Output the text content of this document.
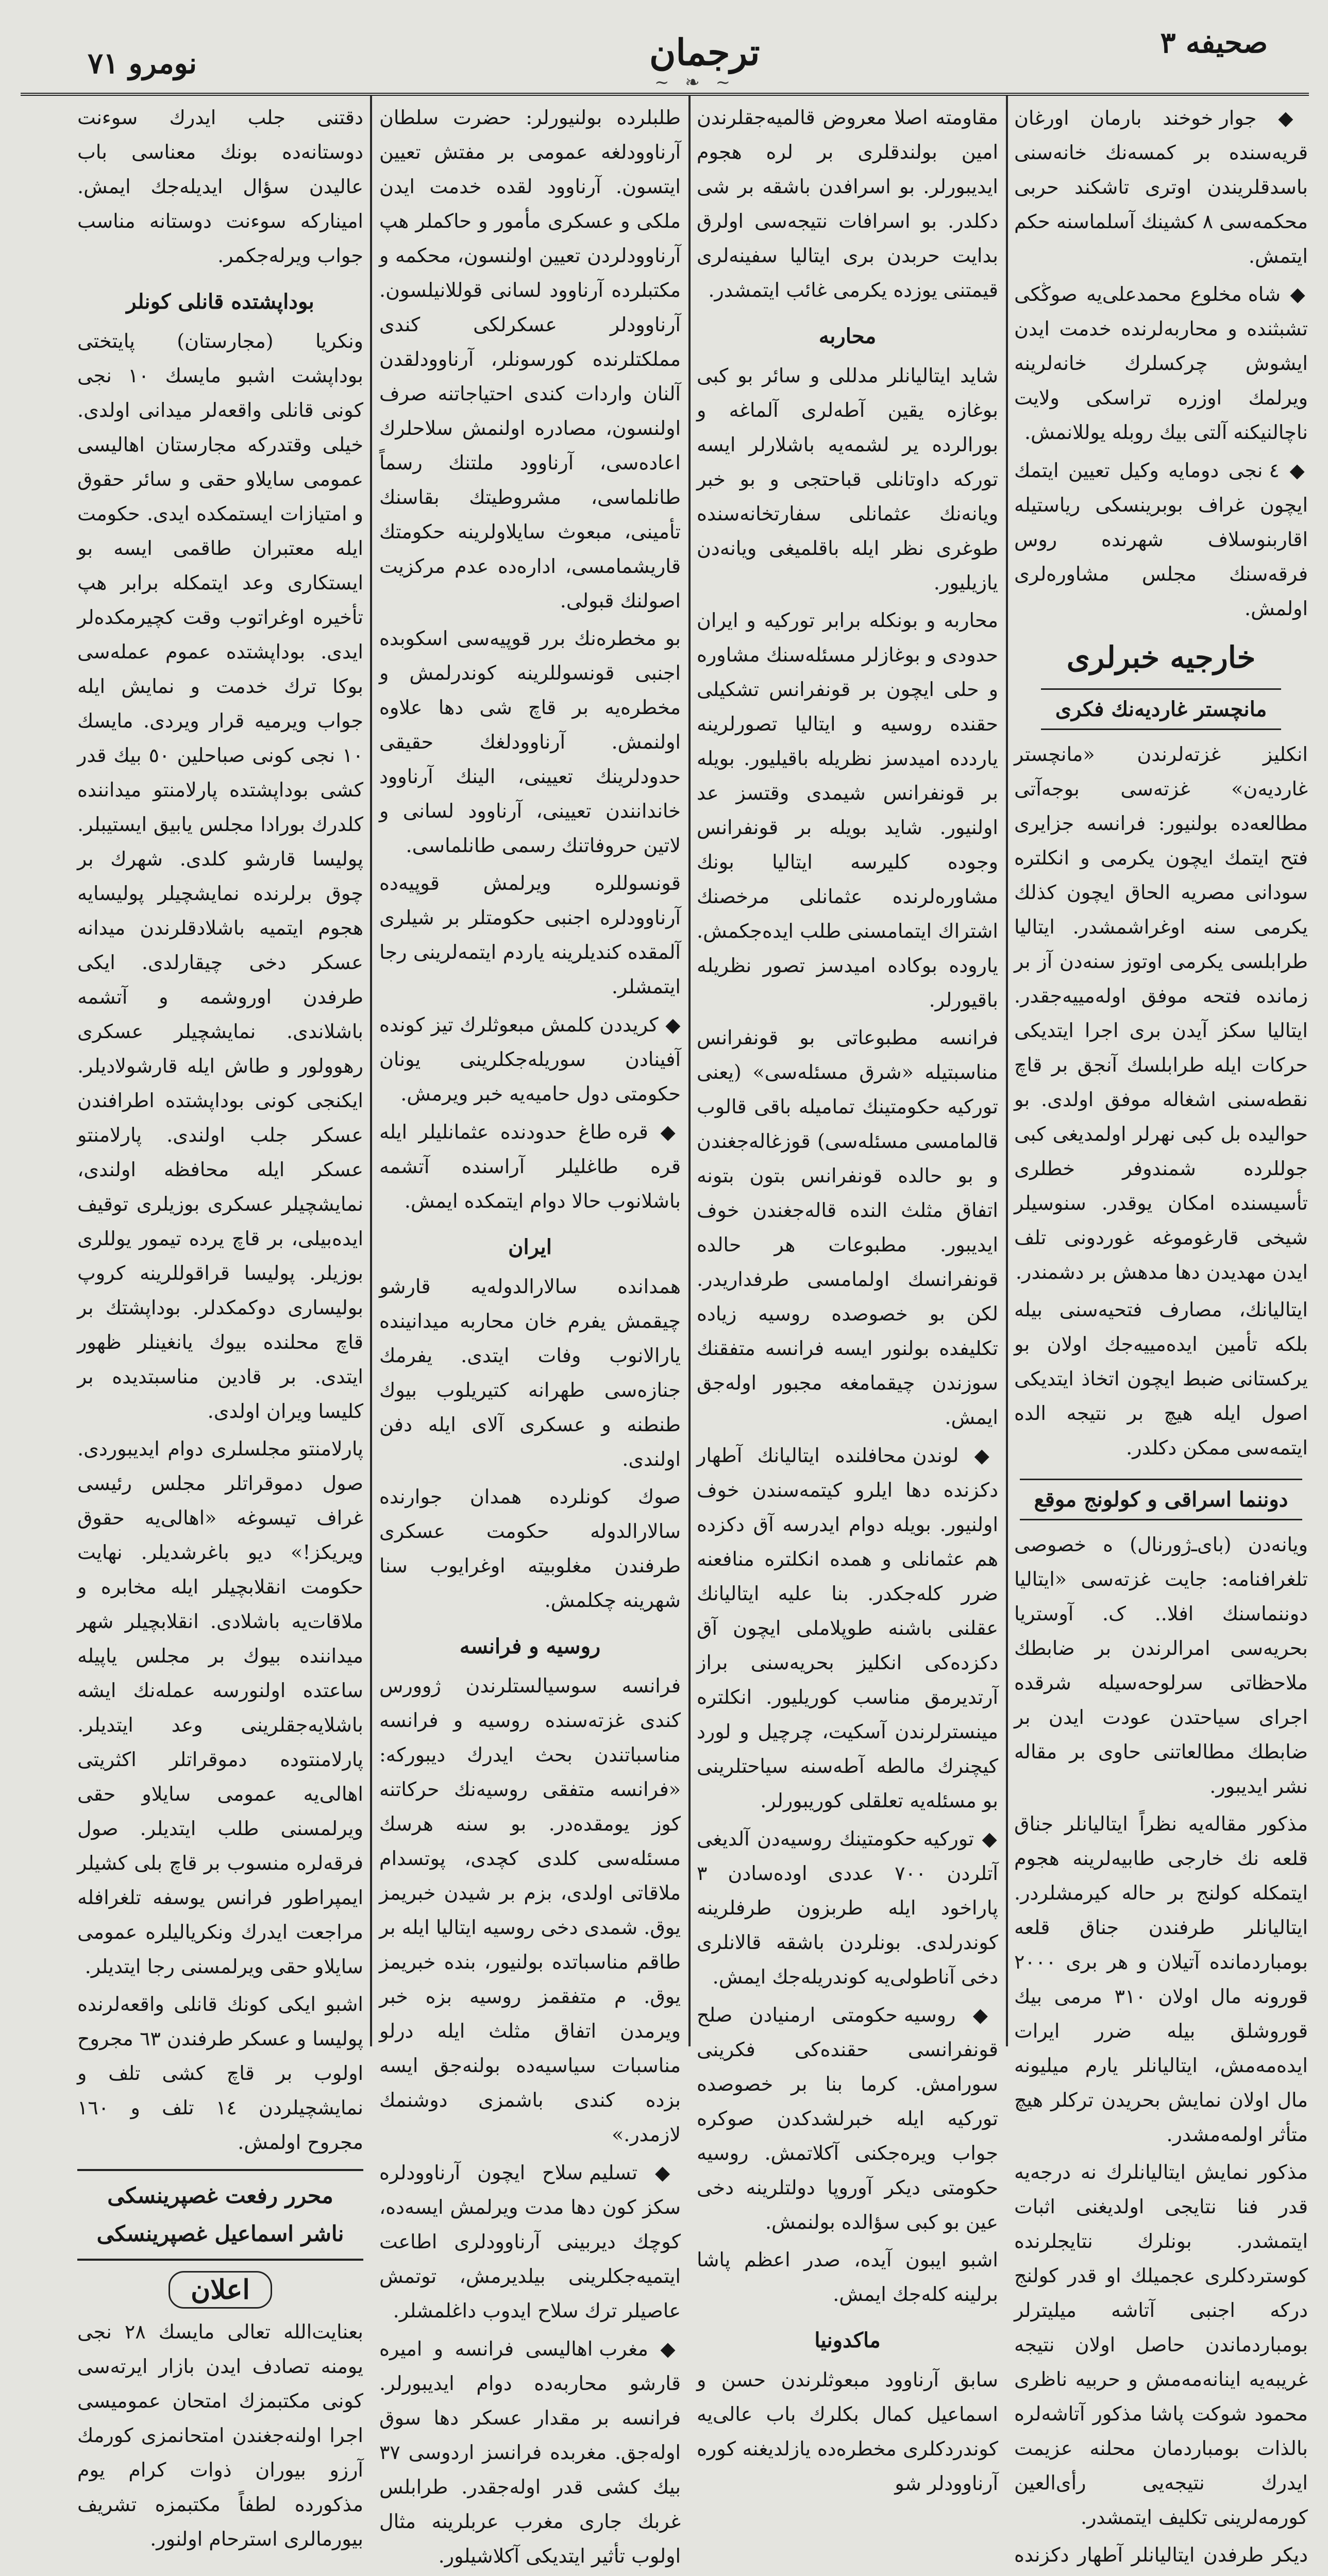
صحیفه ۳
ترجمان
~ ❧ ~
نومرو ٧١

◆ جوار خوخند بارمان اورغان قریه‌سنده بر کمسه‌نك خانه‌سنی باسدقلریندن اوتری تاشکند حربی محکمه‌سی ٨ کشینك آسلماسنه حکم ایتمش.

◆ شاه مخلوع محمدعلی‌یه صوڭکی تشبثنده و محاربه‌لرنده خدمت ایدن ایشوش چرکسلرك خانه‌لرینه ویرلمك اوزره تراسکی ولایت ناچالنیکنه آلتی بیك روبله یوللانمش.

◆ ٤ نجی دومایه وکیل تعیین ایتمك ایچون غراف بوبرینسکی ریاستیله اقاربنوسلاف شهرنده روس فرقه‌سنك مجلس مشاوره‌لری اولمش.

خارجیه خبرلری
مانچستر غاردیه‌نك فکری

انکلیز غزته‌لرندن «مانچستر غاردیه‌ن» غزته‌سی بوجه‌آتی مطالعه‌ده بولنیور: فرانسه جزایری فتح ایتمك ایچون یکرمی و انکلتره سودانی مصریه الحاق ایچون کذلك یکرمی سنه اوغراشمشدر. ایتالیا طرابلسی یکرمی اوتوز سنه‌دن آز بر زمانده فتحه موفق اوله‌مییه‌جقدر. ایتالیا سکز آیدن بری اجرا ایتدیکی حرکات ایله طرابلسك آنجق بر قاچ نقطه‌سنی اشغاله موفق اولدی. بو حوالیده بل کبی نهرلر اولمدیغی کبی جوللرده شمندوفر خطلری تأسیسنده امکان یوقدر. سنوسیلر شیخی قارغوموغه غوردونی تلف ایدن مهدیدن دها مدهش بر دشمندر.

ایتالیانك، مصارف فتحیه‌سنی بیله بلکه تأمین ایده‌مییه‌جك اولان بو یرکستانی ضبط ایچون اتخاذ ایتدیکی اصول ایله هیچ بر نتیجه الده ایتمه‌سی ممکن دکلدر.

دوننما اسراقی و کولونج موقع

ویانه‌دن (بای‌ـ‌ژورنال) ه خصوصی تلغرافنامه: جایت غزته‌سی «ایتالیا دوننماسنك افلا.. ک. آوستریا بحریه‌سی امرالرندن بر ضابطك ملاحظاتی سرلوحه‌سیله شرقده اجرای سیاحتدن عودت ایدن بر ضابطك مطالعاتنی حاوی بر مقاله نشر ایدیبور.

مذکور مقاله‌یه نظراً ایتالیانلر جناق قلعه نك خارجی طابیه‌لرینه هجوم ایتمکله کولنج بر حاله کیرمشلردر. ایتالیانلر طرفندن جناق قلعه بومباردمانده آتیلان و هر بری ٢٠٠٠ قورونه مال اولان ٣١٠ مرمی بیك قوروشلق بیله ضرر ایرات ایده‌مه‌مش، ایتالیانلر یارم میلیونه مال اولان نمایش بحریدن ترکلر هیچ متأثر اولمه‌مشدر.

مذکور نمایش ایتالیانلرك نه درجه‌یه قدر فنا نتایجی اولدیغنی اثبات ایتمشدر. بونلرك نتایجلرنده کوستردکلری عجمیلك او قدر کولنج درکه اجنبی آتاشه میلیترلر بومباردماندن حاصل اولان نتیجه غریبه‌یه اینانه‌مه‌مش و حربیه ناظری محمود شوکت پاشا مذکور آتاشه‌لره بالذات بومباردمان محلنه عزیمت ایدرك نتیجه‌یی رأی‌العین کورمه‌لرینی تکلیف ایتمشدر.

دیکر طرفدن ایتالیانلر آطهار دکزنده

مقاومته اصلا معروض قالمیه‌جقلرندن امین بولندقلری بر لره هجوم ایدیبورلر. بو اسرافدن باشقه بر شی دکلدر. بو اسرافات نتیجه‌سی اولرق بدایت حربدن بری ایتالیا سفینه‌لری قیمتنی یوزده یکرمی غائب ایتمشدر.

محاربه

شاید ایتالیانلر مدللی و سائر بو کبی بوغازه یقین آطه‌لری آلماغه و بورالرده یر لشمه‌یه باشلارلر ایسه توركه داوتانلی قباحتجی و بو خبر ویانه‌نك عثمانلی سفارتخانه‌سنده طوغری نظر ایله باقلمیغی ویانه‌دن یازیلیور.

محاربه و بونکله برابر تورکیه و ایران حدودی و بوغازلر مسئله‌سنك مشاوره و حلی ایچون بر قونفرانس تشکیلی حقنده روسیه و ایتالیا تصورلرینه یاردده امیدسز نظریله باقیلیور. بویله بر قونفرانس شیمدی وقتسز عد اولنیور. شاید بویله بر قونفرانس وجوده کلیرسه ایتالیا بونك مشاوره‌لرنده عثمانلی مرخصنك اشتراك ایتمامسنی طلب ایده‌جکمش. یاروده بوکاده امیدسز تصور نظریله باقیورلر.

فرانسه مطبوعاتی بو قونفرانس مناسبتیله «شرق مسئله‌سی» (یعنی توركیه حکومتینك تمامیله باقی قالوب قالمامسی مسئله‌سی) قوزغاله‌جغندن و بو حالده قونفرانس بتون بتونه اتفاق مثلث النده قاله‌جغندن خوف ایدیبور. مطبوعات هر حالده قونفرانسك اولمامسی طرفداریدر. لکن بو خصوصده روسیه زیاده تکلیفده بولنور ایسه فرانسه متفقنك سوزندن چیقمامغه مجبور اوله‌جق ایمش.

◆ لوندن محافلنده ایتالیانك آطهار دکزنده دها ایلرو کیتمه‌سندن خوف اولنیور. بویله دوام ایدرسه آق دکزده هم عثمانلی و همده انکلتره منافعنه ضرر کله‌جکدر. بنا علیه ایتالیانك عقلنی باشنه طوپلاملی ایچون آق دکزده‌کی انکلیز بحریه‌سنی براز آرتدیرمق مناسب کوریلیور. انکلتره مینسترلرندن آسکیت، چرچیل و لورد کیچنرك مالطه آطه‌سنه سیاحتلرینی بو مسئله‌یه تعلقلی کوریبورلر.

◆ توركیه حکومتینك روسیه‌دن آلدیغی آتلردن ٧٠٠ عددی اوده‌سادن ٣ پاراخود ایله طربزون طرفلرینه کوندرلدی. بونلردن باشقه قالانلری دخی آناطولی‌یه کوندریله‌جك ایمش.

◆ روسیه حکومتی ارمنیادن صلح قونفرانسی حقنده‌کی فکرینی سورامش. کرما بنا بر خصوصده توركیه ایله خبرلشدکدن صوکره جواب ویره‌جکنی آکلاتمش. روسیه حکومتی دیکر آوروپا دولتلرینه دخی عین بو کبی سؤالده بولنمش.

اشبو ایبون آیده، صدر اعظم پاشا برلینه کله‌جك ایمش.

ماکدونیا

سابق آرناوود مبعوثلرندن حسن و اسماعیل کمال بکلرك باب عالی‌یه کوندردکلری مخطره‌ده یازلدیغنه کوره آرناوودلر شو

طلبلرده بولنیورلر: حضرت سلطان آرناوودلغه عمومی بر مفتش تعیین ایتسون. آرناوود لقده خدمت ایدن ملکی و عسکری مأمور و حاکملر هپ آرناوودلردن تعیین اولنسون، محکمه و مکتبلرده آرناوود لسانی قوللانیلسون. آرناوودلر عسکرلکی کندی مملکتلرنده کورسونلر، آرناوودلقدن آلنان واردات کندی احتیاجاتنه صرف اولنسون، مصادره اولنمش سلاحلرك اعاده‌سی، آرناوود ملتنك رسماً طانلماسی، مشروطیتك بقاسنك تأمینی، مبعوث سایلاولرینه حکومتك قاریشمامسی، اداره‌ده عدم مرکزیت اصولنك قبولی.

بو مخطره‌نك برر قوپیه‌سی اسکوبده اجنبی قونسوللرینه کوندرلمش و مخطره‌یه بر قاچ شی دها علاوه اولنمش. آرناوودلغك حقیقی حدودلرینك تعیینی، الینك آرناوود خاندانندن تعیینی، آرناوود لسانی و لاتین حروفاتنك رسمی طانلماسی.

قونسوللره ویرلمش قوپیه‌ده آرناوودلره اجنبی حکومتلر بر شیلری آلمقده کندیلرینه یاردم ایتمه‌لرینی رجا ایتمشلر.

◆ کریددن کلمش مبعوثلرك تیز کونده آفینادن سوریله‌جکلرینی یونان حکومتی دول حامیه‌یه خبر ویرمش.

◆ قره طاغ حدودنده عثمانلیلر ایله قره طاغلیلر آراسنده آتشمه باشلانوب حالا دوام ایتمکده ایمش.

ایران

همدانده سالارالدوله‌یه قارشو چیقمش یفرم خان محاربه میدانینده یارالانوب وفات ایتدی. یفرمك جنازه‌سی طهرانه کتیریلوب بیوك طنطنه و عسکری آلای ایله دفن اولندی.

صوك کونلرده همدان جوارنده سالارالدوله حکومت عسکری طرفندن مغلوبیته اوغرایوب سنا شهرینه چکلمش.

روسیه و فرانسه

فرانسه سوسیالستلرندن ژوورس کندی غزته‌سنده روسیه و فرانسه مناسباتندن بحث ایدرك دیبورکه: «فرانسه متفقی روسیه‌نك حرکاتنه کوز یومقده‌در. بو سنه هرسك مسئله‌سی کلدی کچدی، پوتسدام ملاقاتی اولدی، بزم بر شیدن خبریمز یوق. شمدی دخی روسیه ایتالیا ایله بر طاقم مناسباتده بولنیور، بنده خبریمز یوق. م متفقمز روسیه بزه خبر ویرمدن اتفاق مثلث ایله درلو مناسبات سیاسیه‌ده بولنه‌جق ایسه بزده کندی باشمزی دوشنمك لازمدر.»

◆ تسلیم سلاح ایچون آرناوودلره سکز کون دها مدت ویرلمش ایسه‌ده، کوچك دیربینی آرناوودلری اطاعت ایتمیه‌جکلرینی بیلدیرمش، توتمش عاصیلر ترك سلاح ایدوب داغلمشلر.

◆ مغرب اهالیسی فرانسه و امیره قارشو محاربه‌ده دوام ایدیبورلر. فرانسه بر مقدار عسکر دها سوق اوله‌جق. مغربده فرانسز اردوسی ٣٧ بیك کشی قدر اوله‌جقدر. طرابلس غربك جاری مغرب عربلرینه مثال اولوب تأثیر ایتدیکی آکلاشیلور.

دقتنی جلب ایدرك سوءنت دوستانه‌ده بونك معناسی باب عالیدن سؤال ایدیله‌جك ایمش. امینارکه سوءنت دوستانه مناسب جواب ویرله‌جکمر.

بوداپشتده قانلی کونلر

ونکریا (مجارستان) پایتختی بوداپشت اشبو مایسك ١٠ نجی کونی قانلی واقعه‌لر میدانی اولدی. خیلی وقتدرکه مجارستان اهالیسی عمومی سایلاو حقی و سائر حقوق و امتیازات ایستمکده ایدی. حکومت ایله معتبران طاقمی ایسه بو ایستکاری وعد ایتمکله برابر هپ تأخیره اوغراتوب وقت کچیرمکده‌لر ایدی. بوداپشتده عموم عمله‌سی بوکا ترك خدمت و نمایش ایله جواب ویرمیه قرار ویردی. مایسك ١٠ نجی کونی صباحلین ٥٠ بیك قدر کشی بوداپشتده پارلامنتو میداننده کلدرك بورادا مجلس یابیق ایستیبلر. پولیسا قارشو کلدی. شهرك بر چوق برلرنده نمایشچیلر پولیسایه هجوم ایتمیه باشلادقلرندن میدانه عسکر دخی چیقارلدی. ایکی طرفدن اوروشمه و آتشمه باشلاندی. نمایشچیلر عسکری رهوولور و طاش ایله قارشولادیلر. ایکنجی کونی بوداپشتده اطرافندن عسکر جلب اولندی. پارلامنتو عسکر ایله محافظه اولندی، نمایشچیلر عسکری بوزیلری توقیف ایده‌بیلی، بر قاچ یرده تیمور یوللری بوزیلر. پولیسا قراقوللرینه کروپ بولیساری دوکمکدلر. بوداپشتك بر قاچ محلنده بیوك یانغینلر ظهور ایتدی. بر قادین مناسبتدیده بر کلیسا ویران اولدی.

پارلامنتو مجلسلری دوام ایدیبوردی. صول دموقراتلر مجلس رئیسی غراف تیسوغه «اهالی‌یه حقوق ویریکز!» دیو باغرشدیلر. نهایت حکومت انقلابچیلر ایله مخابره و ملاقات‌یه باشلادی. انقلابچیلر شهر میداننده بیوك بر مجلس یاپیله ساعتده اولنورسه عمله‌نك ایشه باشلایه‌جقلرینی وعد ایتدیلر. پارلامنتوده دموقراتلر اکثریتی اهالی‌یه عمومی سایلاو حقی ویرلمسنی طلب ایتدیلر. صول فرقه‌لره منسوب بر قاچ بلی کشیلر ایمپراطور فرانس یوسفه تلغرافله مراجعت ایدرك ونکریالیلره عمومی سایلاو حقی ویرلمسنی رجا ایتدیلر.

اشبو ایکی کونك قانلی واقعه‌لرنده پولیسا و عسکر طرفندن ٦٣ مجروح اولوب بر قاچ کشی تلف و نمایشچیلردن ١٤ تلف و ١٦٠ مجروح اولمش.

محرر رفعت غصپرینسکی
ناشر اسماعیل غصپرینسکی
اعلان

بعنایت‌الله تعالی مایسك ٢٨ نجی یومنه تصادف ایدن بازار ایرته‌سی کونی مکتبمزك امتحان عمومیسی اجرا اولنه‌جغندن امتحانمزی کورمك آرزو بیوران ذوات کرام یوم مذکورده لطفاً مکتبمزه تشریف بیورمالری استرحام اولنور.
